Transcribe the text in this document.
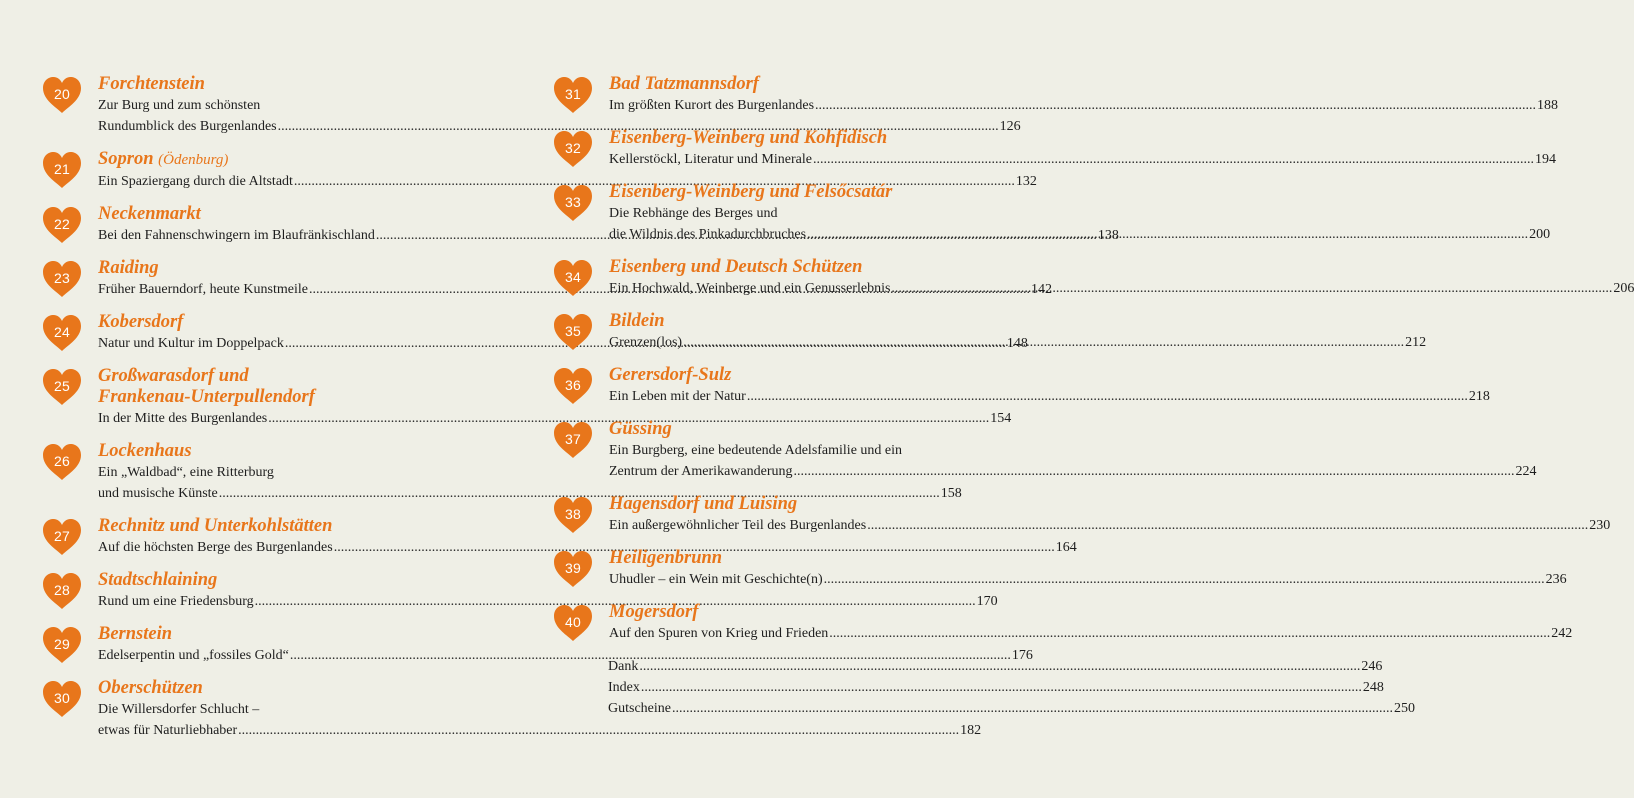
20	Forchtenstein
Zur Burg und zum schönsten
Rundumblick des Burgenlandes .....	126
21	Sopron (Ödenburg)
Ein Spaziergang durch die Altstadt .....	132
22	Neckenmarkt
Bei den Fahnenschwingern im Blaufränkischland .....	138
23	Raiding
Früher Bauerndorf, heute Kunstmeile .....	142
24	Kobersdorf
Natur und Kultur im Doppelpack .....	148
25	Großwarasdorf und
Frankenau-Unterpullendorf
In der Mitte des Burgenlandes .....	154
26	Lockenhaus
Ein „Waldbad“, eine Ritterburg
und musische Künste .....	158
27	Rechnitz und Unterkohlstätten
Auf die höchsten Berge des Burgenlandes .....	164
28	Stadtschlaining
Rund um eine Friedensburg .....	170
29	Bernstein
Edelserpentin und „fossiles Gold“ .....	176
30	Oberschützen
Die Willersdorfer Schlucht –
etwas für Naturliebhaber .....	182
31	Bad Tatzmannsdorf
Im größten Kurort des Burgenlandes .....	188
32	Eisenberg-Weinberg und Kohfidisch
Kellerstöckl, Literatur und Minerale .....	194
33	Eisenberg-Weinberg und Felsőcsatár
Die Rebhänge des Berges und
die Wildnis des Pinkadurchbruches .....	200
34	Eisenberg und Deutsch Schützen
Ein Hochwald, Weinberge und ein Genusserlebnis .....	206
35	Bildein
Grenzen(los) .....	212
36	Gerersdorf-Sulz
Ein Leben mit der Natur .....	218
37	Güssing
Ein Burgberg, eine bedeutende Adelsfamilie und ein
Zentrum der Amerikawanderung .....	224
38	Hagensdorf und Luising
Ein außergewöhnlicher Teil des Burgenlandes .....	230
39	Heiligenbrunn
Uhudler – ein Wein mit Geschichte(n) .....	236
40	Mogersdorf
Auf den Spuren von Krieg und Frieden .....	242
Dank .....	246
Index .....	248
Gutscheine .....	250
